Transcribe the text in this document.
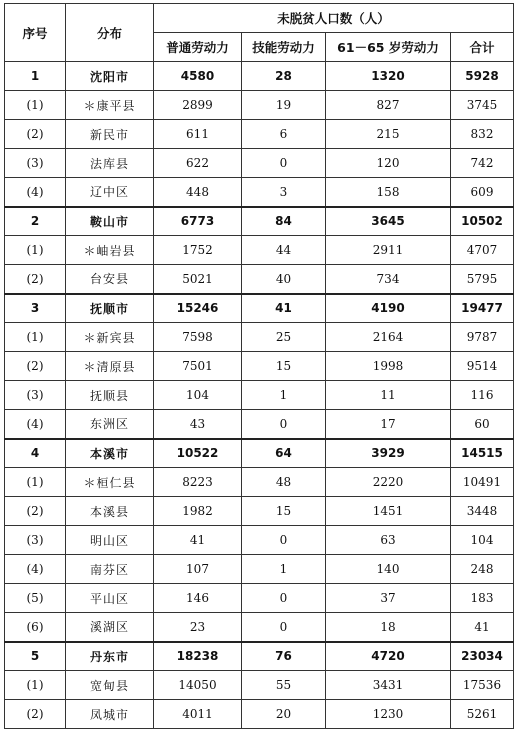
序号	分布	未脱贫人口数（人）			
		普通劳动力	技能劳动力	61－65 岁劳动力	合计
1	沈阳市	4580	28	1320	5928
(1)	＊康平县	2899	19	827	3745
(2)	新民市	611	6	215	832
(3)	法库县	622	0	120	742
(4)	辽中区	448	3	158	609
2	鞍山市	6773	84	3645	10502
(1)	＊岫岩县	1752	44	2911	4707
(2)	台安县	5021	40	734	5795
3	抚顺市	15246	41	4190	19477
(1)	＊新宾县	7598	25	2164	9787
(2)	＊清原县	7501	15	1998	9514
(3)	抚顺县	104	1	11	116
(4)	东洲区	43	0	17	60
4	本溪市	10522	64	3929	14515
(1)	＊桓仁县	8223	48	2220	10491
(2)	本溪县	1982	15	1451	3448
(3)	明山区	41	0	63	104
(4)	南芬区	107	1	140	248
(5)	平山区	146	0	37	183
(6)	溪湖区	23	0	18	41
5	丹东市	18238	76	4720	23034
(1)	宽甸县	14050	55	3431	17536
(2)	凤城市	4011	20	1230	5261
